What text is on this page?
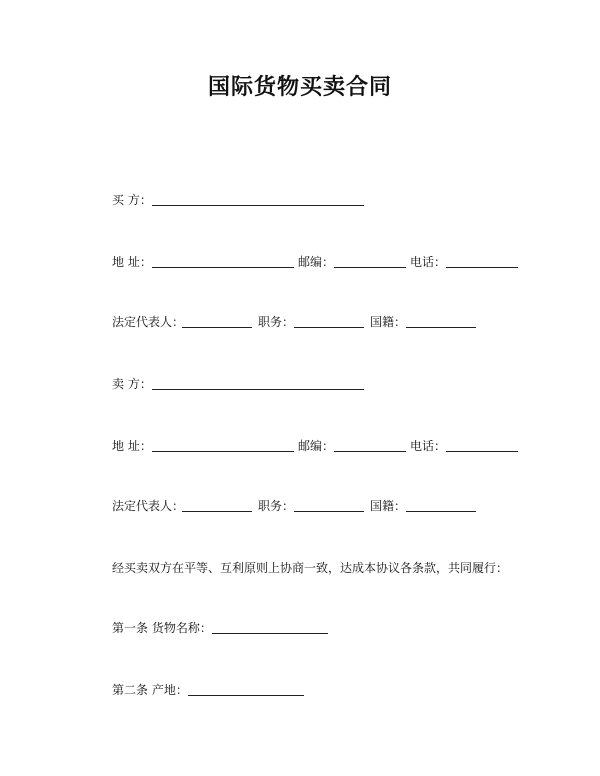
国际货物买卖合同
买 方：
地 址：	邮编：	电话：
法定代表人：	职务：	国籍：
卖 方：
地 址：	邮编：	电话：
法定代表人：	职务：	国籍：
经买卖双方在平等、互利原则上协商一致，达成本协议各条款，共同履行：
第一条 货物名称：
第二条 产地：
